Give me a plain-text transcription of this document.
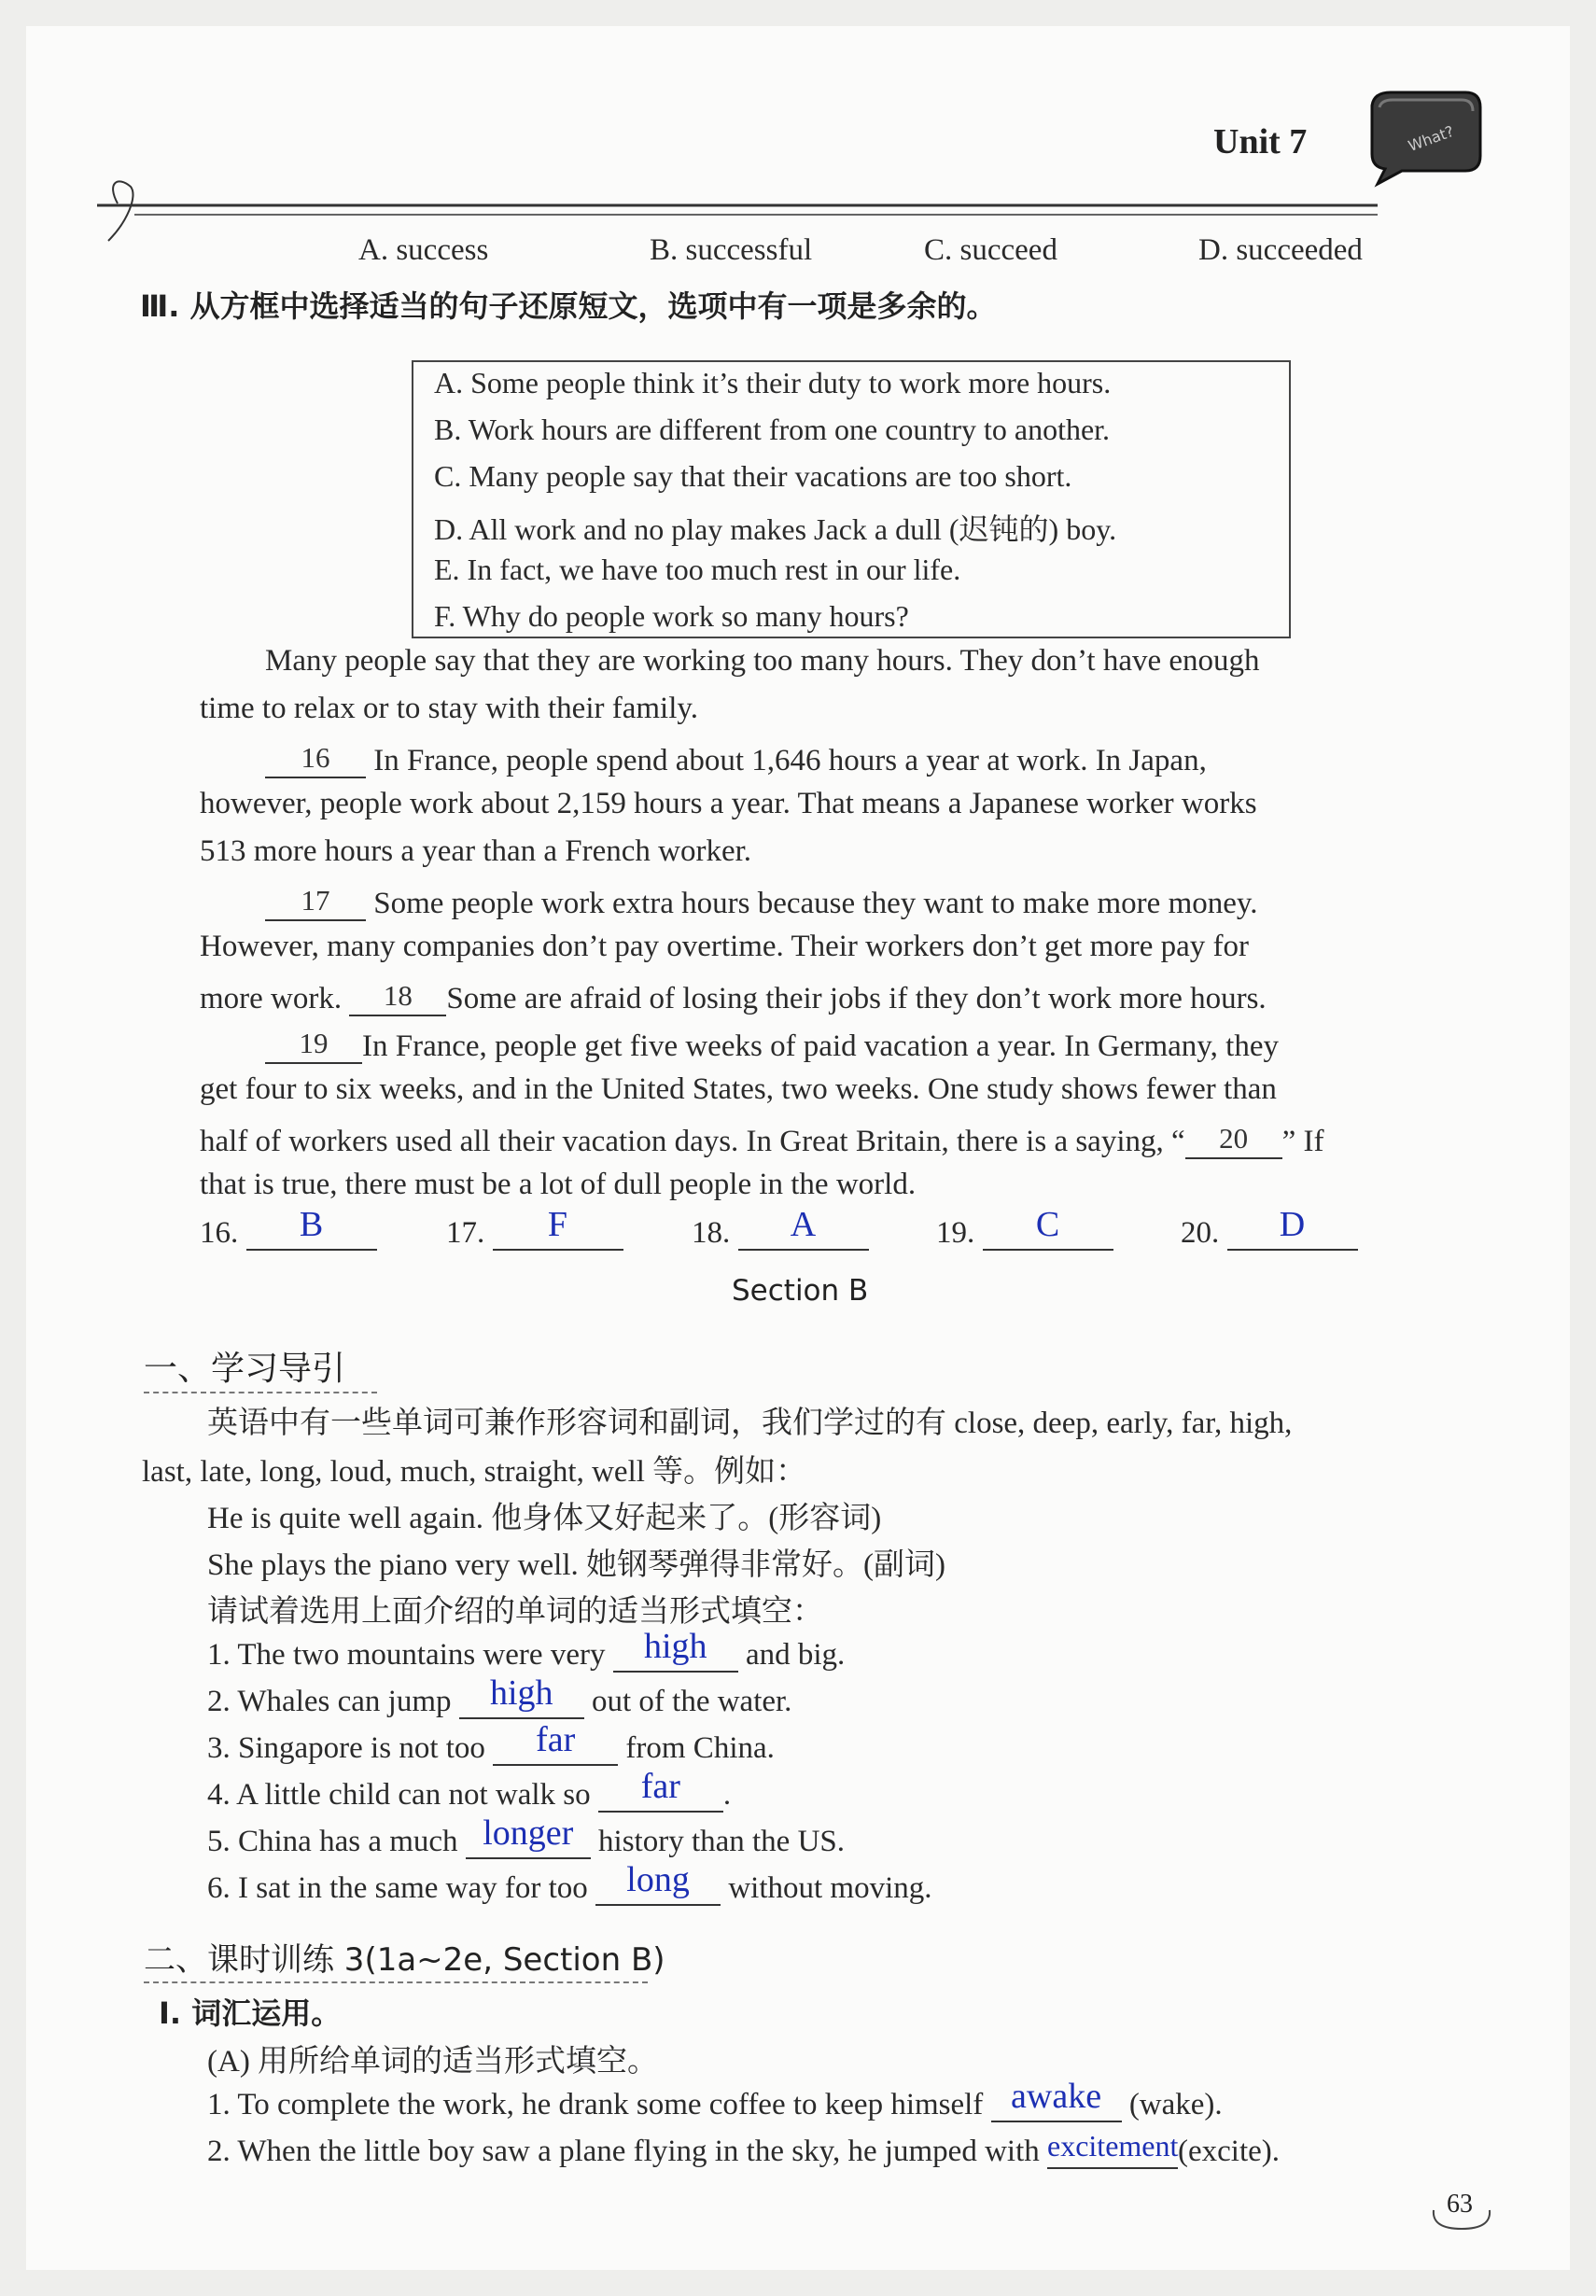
Unit 7	What?
A. success	B. successful	C. succeed	D. succeeded
Ⅲ. 从方框中选择适当的句子还原短文，选项中有一项是多余的。
A. Some people think it’s their duty to work more hours.
B. Work hours are different from one country to another.
C. Many people say that their vacations are too short.
D. All work and no play makes Jack a dull (迟钝的) boy.
E. In fact, we have too much rest in our life.
F. Why do people work so many hours?
Many people say that they are working too many hours. They don’t have enough
time to relax or to stay with their family.
16	In France, people spend about 1,646 hours a year at work. In Japan,
however, people work about 2,159 hours a year. That means a Japanese worker works
513 more hours a year than a French worker.
17	Some people work extra hours because they want to make more money.
However, many companies don’t pay overtime. Their workers don’t get more pay for
more work.	18	Some are afraid of losing their jobs if they don’t work more hours.
19	In France, people get five weeks of paid vacation a year. In Germany, they
get four to six weeks, and in the United States, two weeks. One study shows fewer than
half of workers used all their vacation days. In Great Britain, there is a saying, “	20	” If
that is true, there must be a lot of dull people in the world.
16.	B	17.	F	18.	A	19.	C	20.	D
Section B
一、学习导引
英语中有一些单词可兼作形容词和副词，我们学过的有 close, deep, early, far, high,
last, late, long, loud, much, straight, well 等。例如：
He is quite well again. 他身体又好起来了。(形容词)
She plays the piano very well. 她钢琴弹得非常好。(副词)
请试着选用上面介绍的单词的适当形式填空：
1. The two mountains were very	high	and big.
2. Whales can jump	high	out of the water.
3. Singapore is not too	far	from China.
4. A little child can not walk so	far	.
5. China has a much longer history than the US.
6. I sat in the same way for too	long	without moving.
二、课时训练 3(1a~2e, Section B)
Ⅰ. 词汇运用。
(A) 用所给单词的适当形式填空。
1. To complete the work, he drank some coffee to keep himself awake (wake).
2. When the little boy saw a plane flying in the sky, he jumped with excitement (excite).
63
